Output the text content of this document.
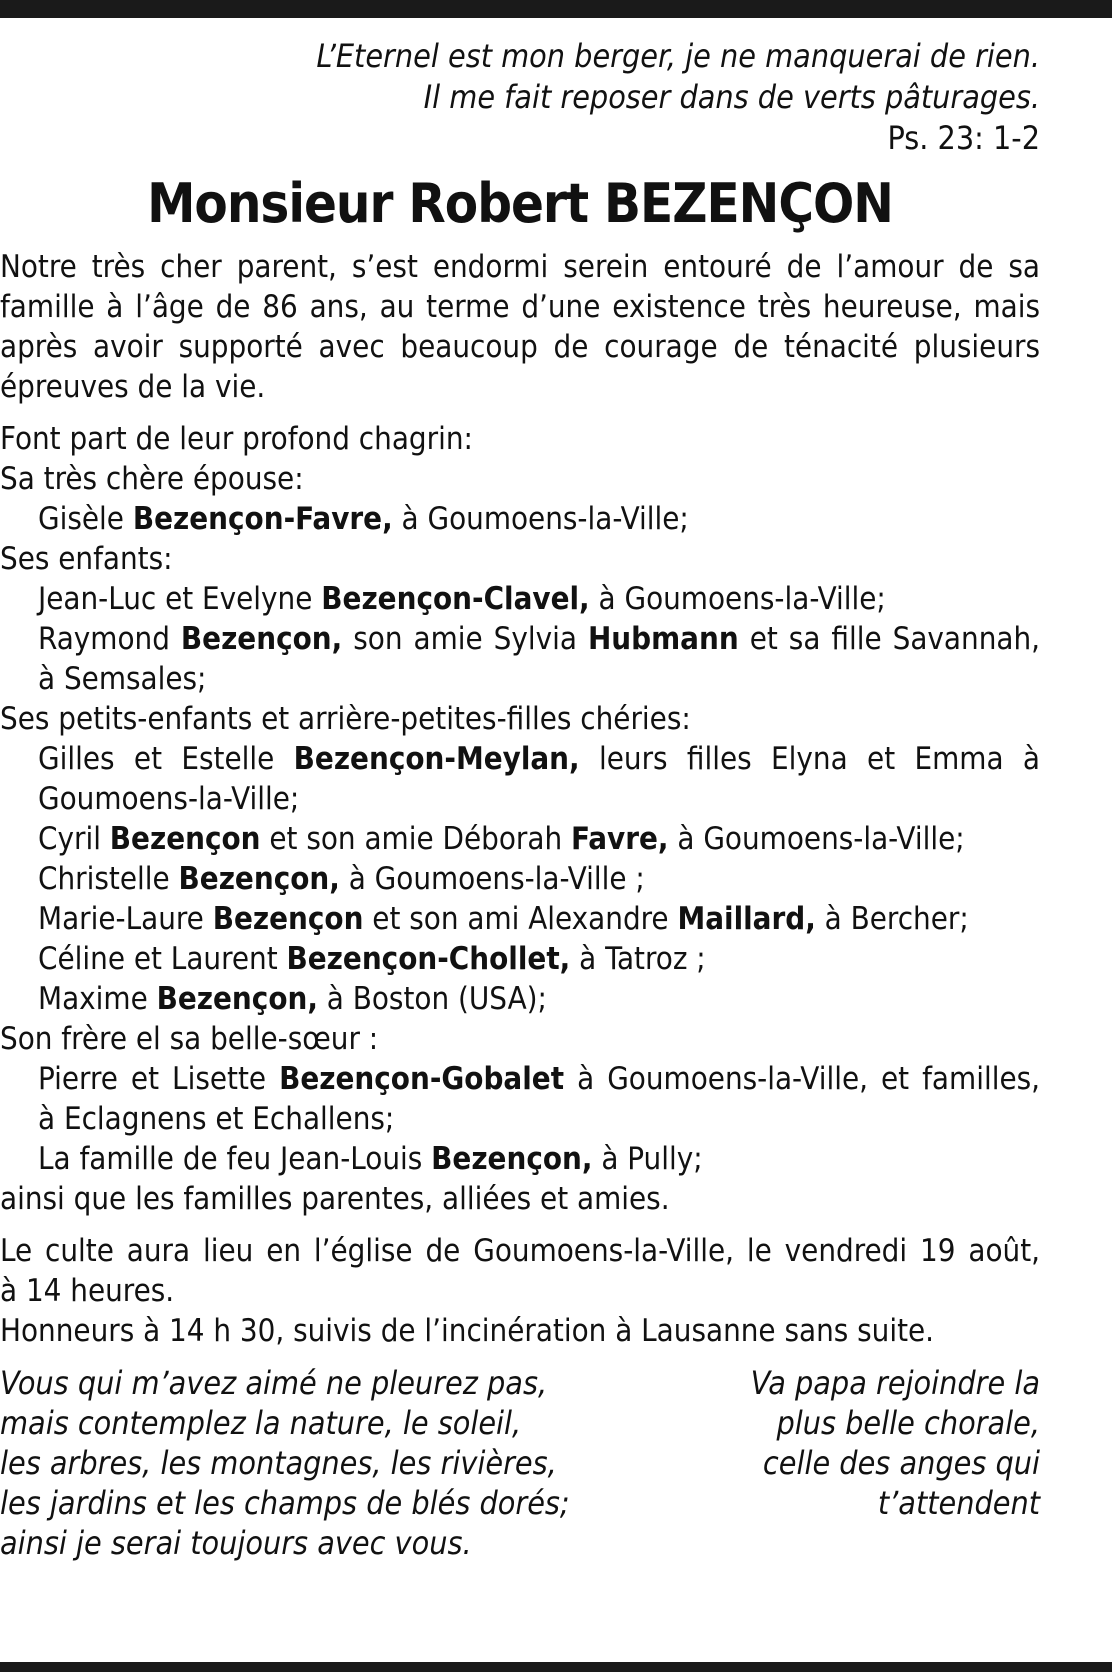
L’Eternel est mon berger, je ne manquerai de rien.
Il me fait reposer dans de verts pâturages.
Ps. 23: 1-2
Monsieur Robert BEZENÇON
Notre très cher parent, s’est endormi serein entouré de l’amour de sa famille à l’âge de 86 ans, au terme d’une existence très heureuse, mais après avoir supporté avec beaucoup de courage de ténacité plusieurs épreuves de la vie.
Font part de leur profond chagrin:
Sa très chère épouse:
Gisèle Bezençon-Favre, à Goumoens-la-Ville;
Ses enfants:
Jean-Luc et Evelyne Bezençon-Clavel, à Goumoens-la-Ville;
Raymond Bezençon, son amie Sylvia Hubmann et sa fille Savannah,
à Semsales;
Ses petits-enfants et arrière-petites-filles chéries:
Gilles et Estelle Bezençon-Meylan, leurs filles Elyna et Emma à
Goumoens-la-Ville;
Cyril Bezençon et son amie Déborah Favre, à Goumoens-la-Ville;
Christelle Bezençon, à Goumoens-la-Ville ;
Marie-Laure Bezençon et son ami Alexandre Maillard, à Bercher;
Céline et Laurent Bezençon-Chollet, à Tatroz ;
Maxime Bezençon, à Boston (USA);
Son frère el sa belle-sœur :
Pierre et Lisette Bezençon-Gobalet à Goumoens-la-Ville, et familles,
à Eclagnens et Echallens;
La famille de feu Jean-Louis Bezençon, à Pully;
ainsi que les familles parentes, alliées et amies.
Le culte aura lieu en l’église de Goumoens-la-Ville, le vendredi 19 août,
à 14 heures.
Honneurs à 14 h 30, suivis de l’incinération à Lausanne sans suite.
Vous qui m’avez aimé ne pleurez pas,
mais contemplez la nature, le soleil,
les arbres, les montagnes, les rivières,
les jardins et les champs de blés dorés;
ainsi je serai toujours avec vous.
Va papa rejoindre la
plus belle chorale,
celle des anges qui
t’attendent
